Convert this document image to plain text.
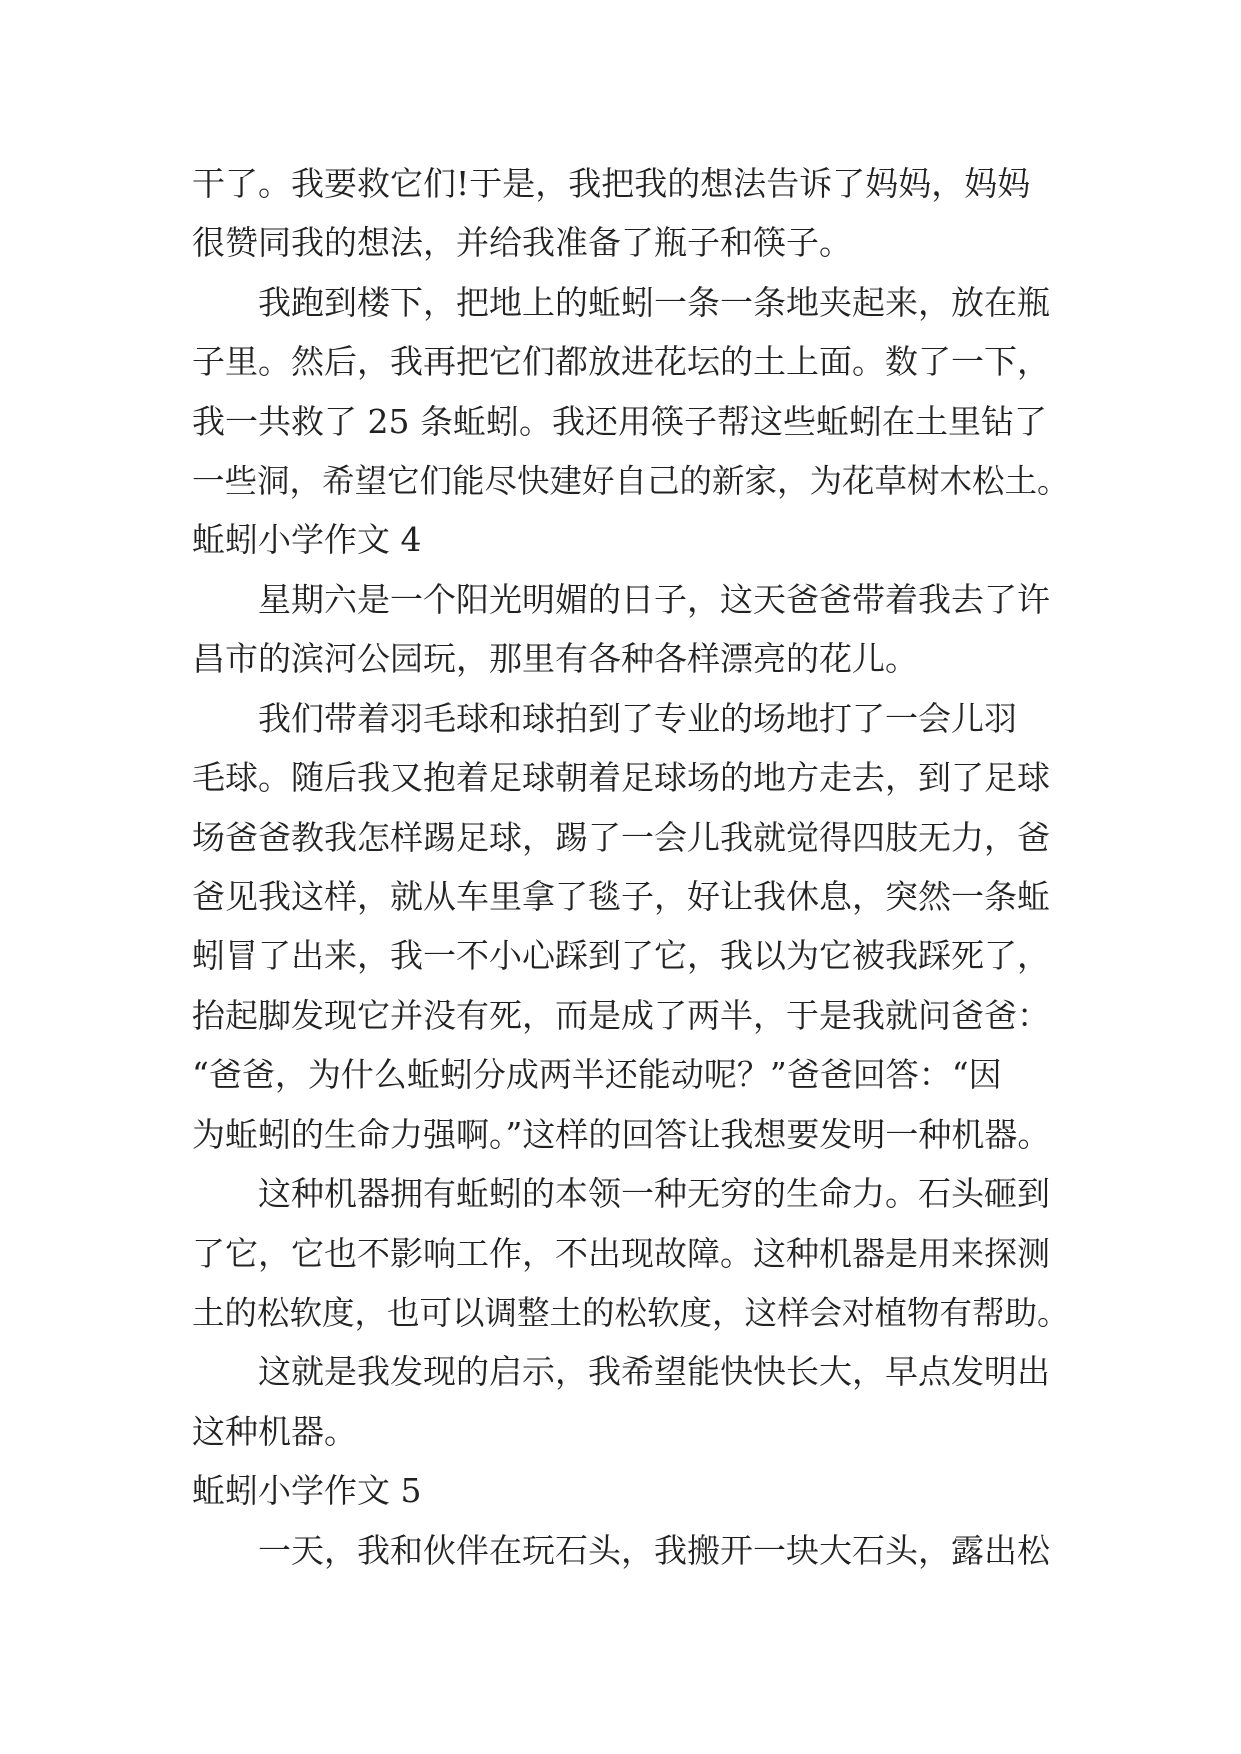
干了。我要救它们!于是，我把我的想法告诉了妈妈，妈妈
很赞同我的想法，并给我准备了瓶子和筷子。
我跑到楼下，把地上的蚯蚓一条一条地夹起来，放在瓶
子里。然后，我再把它们都放进花坛的土上面。数了一下，
我一共救了 25 条蚯蚓。我还用筷子帮这些蚯蚓在土里钻了
一些洞，希望它们能尽快建好自己的新家，为花草树木松土。
蚯蚓小学作文 4
星期六是一个阳光明媚的日子，这天爸爸带着我去了许
昌市的滨河公园玩，那里有各种各样漂亮的花儿。
我们带着羽毛球和球拍到了专业的场地打了一会儿羽
毛球。随后我又抱着足球朝着足球场的地方走去，到了足球
场爸爸教我怎样踢足球，踢了一会儿我就觉得四肢无力，爸
爸见我这样，就从车里拿了毯子，好让我休息，突然一条蚯
蚓冒了出来，我一不小心踩到了它，我以为它被我踩死了，
抬起脚发现它并没有死，而是成了两半，于是我就问爸爸：
“爸爸，为什么蚯蚓分成两半还能动呢？”爸爸回答：“因
为蚯蚓的生命力强啊。”这样的回答让我想要发明一种机器。
这种机器拥有蚯蚓的本领一种无穷的生命力。石头砸到
了它，它也不影响工作，不出现故障。这种机器是用来探测
土的松软度，也可以调整土的松软度，这样会对植物有帮助。
这就是我发现的启示，我希望能快快长大，早点发明出
这种机器。
蚯蚓小学作文 5
一天，我和伙伴在玩石头，我搬开一块大石头，露出松
